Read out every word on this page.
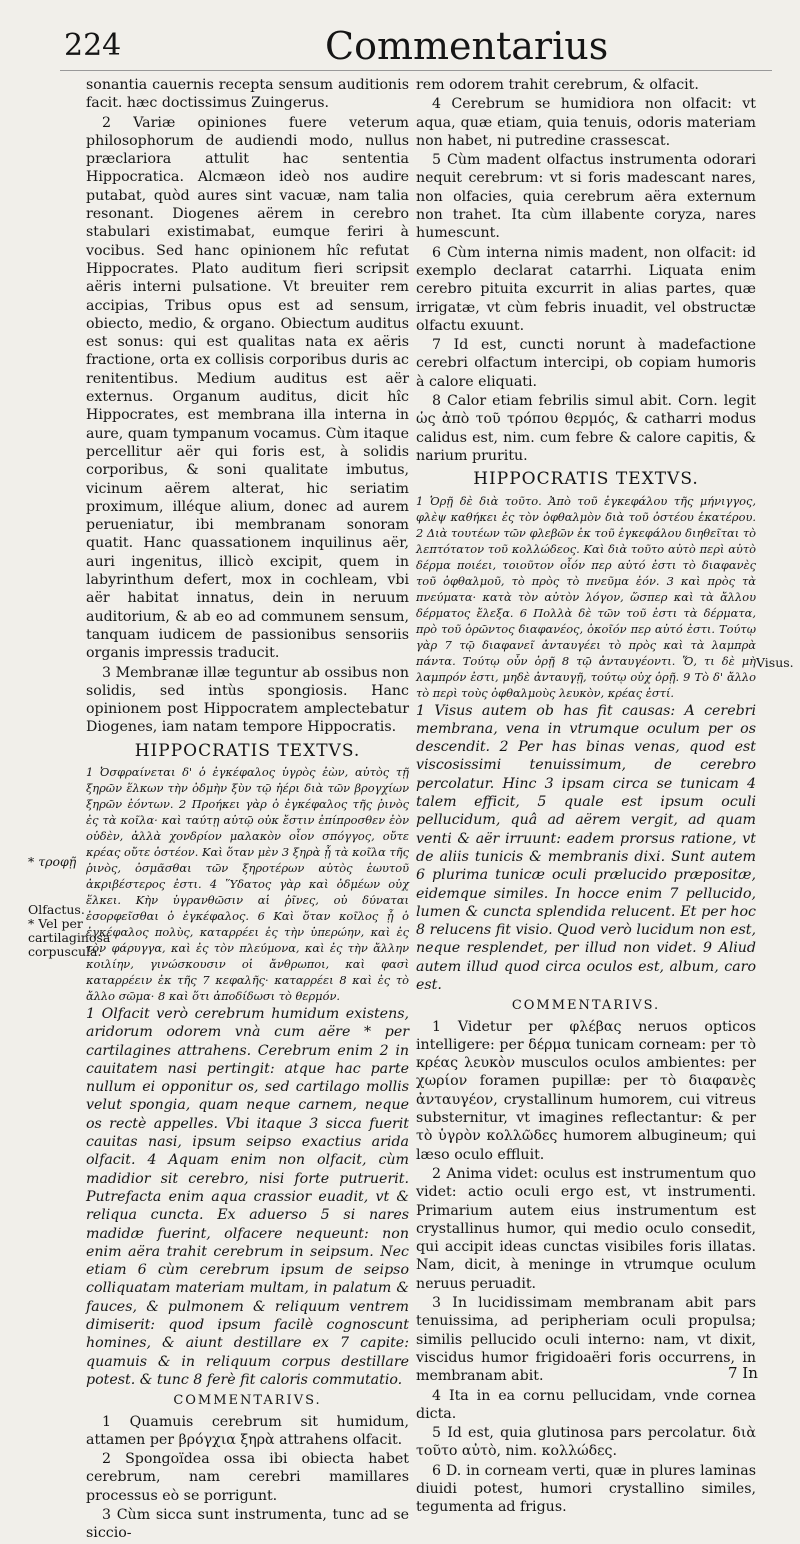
224	Commentarius

sonantia cauernis recepta sensum auditionis facit. hæc doctissimus Zuingerus.

2 Variæ opiniones fuere veterum philosophorum de audiendi modo, nullus præclariora attulit hac sententia Hippocratica. Alcmæon ideò nos audire putabat, quòd aures sint vacuæ, nam talia resonant. Diogenes aërem in cerebro stabulari existimabat, eumque feriri à vocibus. Sed hanc opinionem hîc refutat Hippocrates. Plato auditum fieri scripsit aëris interni pulsatione. Vt breuiter rem accipias, Tribus opus est ad sensum, obiecto, medio, & organo. Obiectum auditus est sonus: qui est qualitas nata ex aëris fractione, orta ex collisis corporibus duris ac renitentibus. Medium auditus est aër externus. Organum auditus, dicit hîc Hippocrates, est membrana illa interna in aure, quam tympanum vocamus. Cùm itaque percellitur aër qui foris est, à solidis corporibus, & soni qualitate imbutus, vicinum aërem alterat, hic seriatim proximum, illéque alium, donec ad aurem perueniatur, ibi membranam sonoram quatit. Hanc quassationem inquilinus aër, auri ingenitus, illicò excipit, quem in labyrinthum defert, mox in cochleam, vbi aër habitat innatus, dein in neruum auditorium, & ab eo ad communem sensum, tanquam iudicem de passionibus sensoriis organis impressis traducit.

3 Membranæ illæ teguntur ab ossibus non solidis, sed intùs spongiosis. Hanc opinionem post Hippocratem amplectebatur Diogenes, iam natam tempore Hippocratis.

HIPPOCRATIS TEXTVS.

1 Ὀσφραίνεται δ' ὁ ἐγκέφαλος ὑγρὸς ἐὼν, αὐτὸς τῇ ξηρῶν ἕλκων τὴν ὀδμὴν ξὺν τῷ ἠέρι διὰ τῶν βρογχίων ξηρῶν ἐόντων. 2 Προήκει γὰρ ὁ ἐγκέφαλος τῆς ῥινὸς ἐς τὰ κοῖλα· καὶ ταύτῃ αὐτῷ οὐκ ἔστιν ἐπίπροσθεν ἐὸν οὐδὲν, ἀλλὰ χονδρίον μαλακὸν οἷον σπόγγος, οὔτε κρέας οὔτε ὀστέον. Καὶ ὅταν μὲν 3 ξηρὰ ᾖ τὰ κοῖλα τῆς ῥινὸς, ὀσμᾶσθαι τῶν ξηροτέρων αὐτὸς ἑωυτοῦ ἀκριβέστερος ἐστι. 4 Ὕδατος γὰρ καὶ ὀδμέων οὐχ ἕλκει. Κὴν ὑγρανθῶσιν αἱ ῥῖνες, οὐ δύναται ἐσορφεῖσθαι ὁ ἐγκέφαλος. 6 Καὶ ὅταν κοῖλος ᾖ ὁ ἐγκέφαλος πολὺς, καταρρέει ἐς τὴν ὑπερώην, καὶ ἐς τὸν φάρυγγα, καὶ ἐς τὸν πλεύμονα, καὶ ἐς τὴν ἄλλην κοιλίην, γινώσκουσιν οἱ ἄνθρωποι, καὶ φασὶ καταρρέειν ἐκ τῆς 7 κεφαλῆς· καταρρέει 8 καὶ ἐς τὸ ἄλλο σῶμα· 8 καὶ ὅτι ἀποδίδωσι τὸ θερμόν.

1 Olfacit verò cerebrum humidum existens, aridorum odorem vnà cum aëre * per cartilagines attrahens. Cerebrum enim 2 in cauitatem nasi pertingit: atque hac parte nullum ei opponitur os, sed cartilago mollis velut spongia, quam neque carnem, neque os rectè appelles. Vbi itaque 3 sicca fuerit cauitas nasi, ipsum seipso exactius arida olfacit. 4 Aquam enim non olfacit, cùm madidior sit cerebro, nisi forte putruerit. Putrefacta enim aqua crassior euadit, vt & reliqua cuncta. Ex aduerso 5 si nares madidæ fuerint, olfacere nequeunt: non enim aëra trahit cerebrum in seipsum. Nec etiam 6 cùm cerebrum ipsum de seipso colliquatam materiam multam, in palatum & fauces, & pulmonem & reliquum ventrem dimiserit: quod ipsum facilè cognoscunt homines, & aiunt destillare ex 7 capite: quamuis & in reliquum corpus destillare potest. & tunc 8 ferè fit caloris commutatio.

COMMENTARIVS.

1 Quamuis cerebrum sit humidum, attamen per βρόγχια ξηρὰ attrahens olfacit.

2 Spongoïdea ossa ibi obiecta habet cerebrum, nam cerebri mamillares processus eò se porrigunt.

3 Cùm sicca sunt instrumenta, tunc ad se siccio-

rem odorem trahit cerebrum, & olfacit.

4 Cerebrum se humidiora non olfacit: vt aqua, quæ etiam, quia tenuis, odoris materiam non habet, ni putredine crassescat.

5 Cùm madent olfactus instrumenta odorari nequit cerebrum: vt si foris madescant nares, non olfacies, quia cerebrum aëra externum non trahet. Ita cùm illabente coryza, nares humescunt.

6 Cùm interna nimis madent, non olfacit: id exemplo declarat catarrhi. Liquata enim cerebro pituita excurrit in alias partes, quæ irrigatæ, vt cùm febris inuadit, vel obstructæ olfactu exuunt.

7 Id est, cuncti norunt à madefactione cerebri olfactum intercipi, ob copiam humoris à calore eliquati.

8 Calor etiam febrilis simul abit. Corn. legit ὡς ἀπὸ τοῦ τρόπου θερμός, & catharri modus calidus est, nim. cum febre & calore capitis, & narium pruritu.

HIPPOCRATIS TEXTVS.

1 Ὁρῇ δὲ διὰ τοῦτο. Ἀπὸ τοῦ ἐγκεφάλου τῆς μήνιγγος, φλὲψ καθήκει ἐς τὸν ὀφθαλμὸν διὰ τοῦ ὀστέου ἑκατέρου. 2 Διὰ τουτέων τῶν φλεβῶν ἐκ τοῦ ἐγκεφάλου διηθεῖται τὸ λεπτότατον τοῦ κολλώδεος. Καὶ διὰ τοῦτο αὐτὸ περὶ αὐτὸ δέρμα ποιέει, τοιοῦτον οἷόν περ αὐτό ἐστι τὸ διαφανὲς τοῦ ὀφθαλμοῦ, τὸ πρὸς τὸ πνεῦμα ἐόν. 3 καὶ πρὸς τὰ πνεύματα· κατὰ τὸν αὐτὸν λόγον, ὥσπερ καὶ τὰ ἄλλου δέρματος ἔλεξα. 6 Πολλὰ δὲ τῶν τοῦ ἐστι τὰ δέρματα, πρὸ τοῦ ὁρῶντος διαφανέος, ὁκοῖόν περ αὐτό ἐστι. Τούτῳ γὰρ 7 τῷ διαφανεῖ ἀνταυγέει τὸ πρὸς καὶ τὰ λαμπρὰ πάντα. Τούτῳ οὖν ὁρῇ 8 τῷ ἀνταυγέοντι. Ὅ, τι δὲ μὴ λαμπρόν ἐστι, μηδὲ ἀνταυγῇ, τούτῳ οὐχ ὁρῇ. 9 Τὸ δ' ἄλλο τὸ περὶ τοὺς ὀφθαλμοὺς λευκὸν, κρέας ἐστί.

1 Visus autem ob has fit causas: A cerebri membrana, vena in vtrumque oculum per os descendit. 2 Per has binas venas, quod est viscosissimi tenuissimum, de cerebro percolatur. Hinc 3 ipsam circa se tunicam 4 talem efficit, 5 quale est ipsum oculi pellucidum, quâ ad aërem vergit, ad quam venti & aër irruunt: eadem prorsus ratione, vt de aliis tunicis & membranis dixi. Sunt autem 6 plurima tunicæ oculi prælucido præpositæ, eidemque similes. In hocce enim 7 pellucido, lumen & cuncta splendida relucent. Et per hoc 8 relucens fit visio. Quod verò lucidum non est, neque resplendet, per illud non videt. 9 Aliud autem illud quod circa oculos est, album, caro est.

COMMENTARIVS.

1 Videtur per φλέβας neruos opticos intelligere: per δέρμα tunicam corneam: per τὸ κρέας λευκὸν musculos oculos ambientes: per χωρίον foramen pupillæ: per τὸ διαφανὲς ἀνταυγέον, crystallinum humorem, cui vitreus substernitur, vt imagines reflectantur: & per τὸ ὑγρὸν κολλῶδες humorem albugineum; qui læso oculo effluit.

2 Anima videt: oculus est instrumentum quo videt: actio oculi ergo est, vt instrumenti. Primarium autem eius instrumentum est crystallinus humor, qui medio oculo consedit, qui accipit ideas cunctas visibiles foris illatas. Nam, dicit, à meninge in vtrumque oculum neruus peruadit.

3 In lucidissimam membranam abit pars tenuissima, ad peripheriam oculi propulsa; similis pellucido oculi interno: nam, vt dixit, viscidus humor frigidoaëri foris occurrens, in membranam abit.

4 Ita in ea cornu pellucidam, vnde cornea dicta.

5 Id est, quia glutinosa pars percolatur. διὰ τοῦτο αὐτὸ, nim. κολλώδες.

6 D. in corneam verti, quæ in plures laminas diuidi potest, humori crystallino similes, tegumenta ad frigus.

* τροφῇ
Olfactus.
* Vel per cartilaginosa corpuscula.
Visus.
7 In
